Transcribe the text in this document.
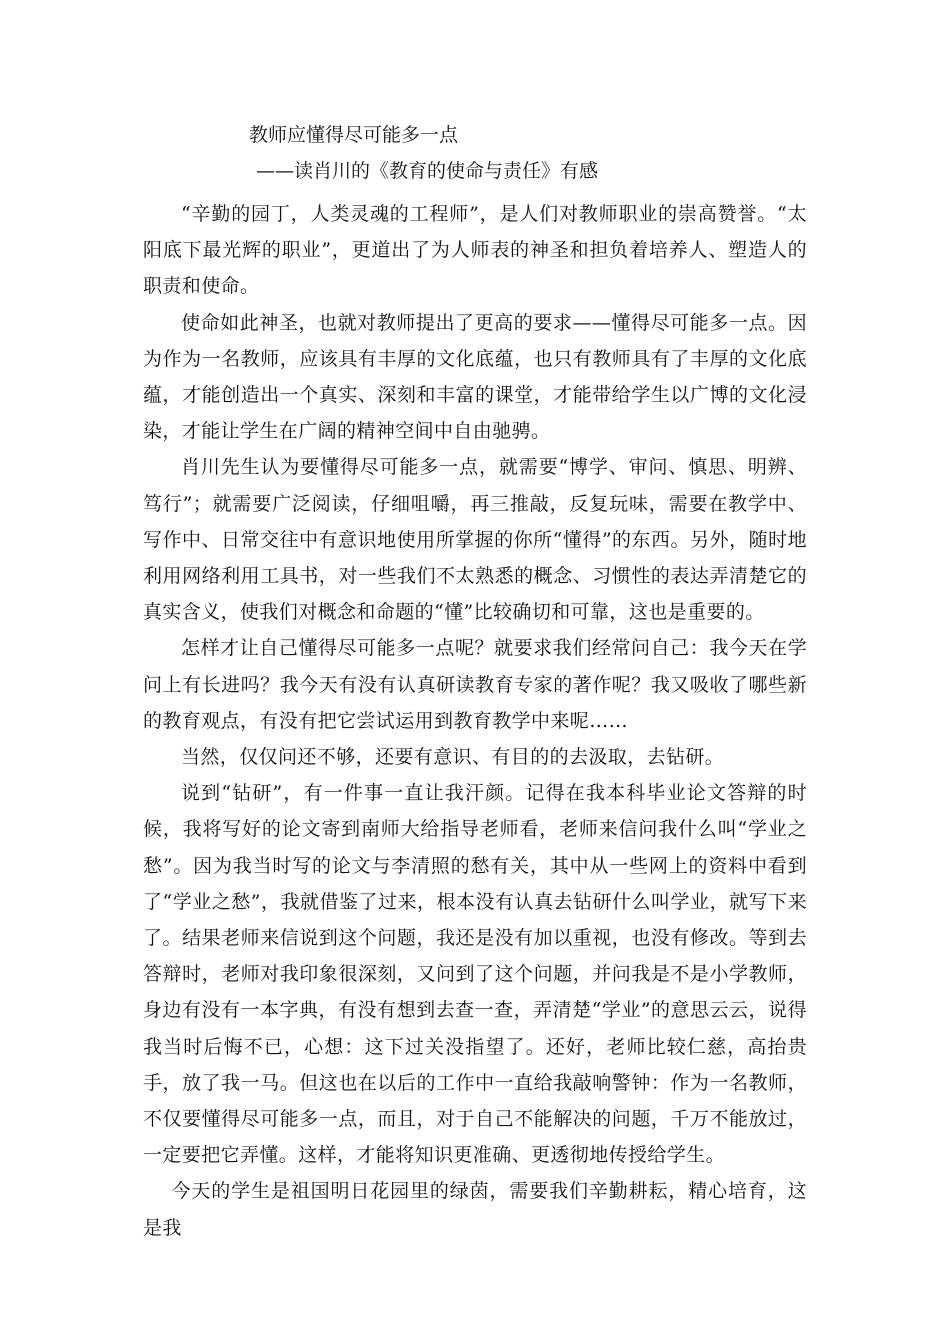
教师应懂得尽可能多一点
——读肖川的《教育的使命与责任》有感

“辛勤的园丁，人类灵魂的工程师”，是人们对教师职业的崇高赞誉。“太阳底下最光辉的职业”，更道出了为人师表的神圣和担负着培养人、塑造人的职责和使命。

使命如此神圣，也就对教师提出了更高的要求——懂得尽可能多一点。因为作为一名教师，应该具有丰厚的文化底蕴，也只有教师具有了丰厚的文化底蕴，才能创造出一个真实、深刻和丰富的课堂，才能带给学生以广博的文化浸染，才能让学生在广阔的精神空间中自由驰骋。

肖川先生认为要懂得尽可能多一点，就需要“博学、审问、慎思、明辨、笃行”；就需要广泛阅读，仔细咀嚼，再三推敲，反复玩味，需要在教学中、写作中、日常交往中有意识地使用所掌握的你所“懂得”的东西。另外，随时地利用网络利用工具书，对一些我们不太熟悉的概念、习惯性的表达弄清楚它的真实含义，使我们对概念和命题的“懂”比较确切和可靠，这也是重要的。

怎样才让自己懂得尽可能多一点呢？就要求我们经常问自己：我今天在学问上有长进吗？我今天有没有认真研读教育专家的著作呢？我又吸收了哪些新的教育观点，有没有把它尝试运用到教育教学中来呢……

当然，仅仅问还不够，还要有意识、有目的的去汲取，去钻研。

说到“钻研”，有一件事一直让我汗颜。记得在我本科毕业论文答辩的时候，我将写好的论文寄到南师大给指导老师看，老师来信问我什么叫“学业之愁”。因为我当时写的论文与李清照的愁有关，其中从一些网上的资料中看到了“学业之愁”，我就借鉴了过来，根本没有认真去钻研什么叫学业，就写下来了。结果老师来信说到这个问题，我还是没有加以重视，也没有修改。等到去答辩时，老师对我印象很深刻，又问到了这个问题，并问我是不是小学教师，身边有没有一本字典，有没有想到去查一查，弄清楚“学业”的意思云云，说得我当时后悔不已，心想：这下过关没指望了。还好，老师比较仁慈，高抬贵手，放了我一马。但这也在以后的工作中一直给我敲响警钟：作为一名教师，不仅要懂得尽可能多一点，而且，对于自己不能解决的问题，千万不能放过，一定要把它弄懂。这样，才能将知识更准确、更透彻地传授给学生。

今天的学生是祖国明日花园里的绿茵，需要我们辛勤耕耘，精心培育，这是我
